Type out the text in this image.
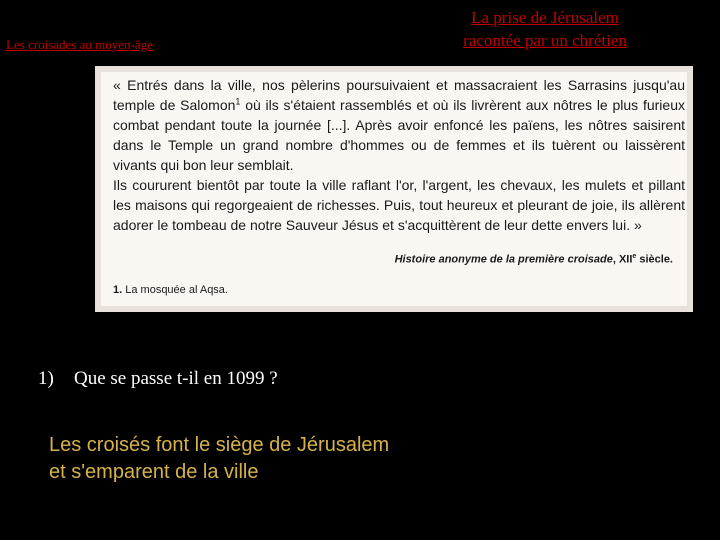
Les croisades au moyen-âge
La prise de Jérusalem
racontée par un chrétien

« Entrés dans la ville, nos pèlerins poursuivaient et massacraient les Sarrasins jusqu'au temple de Salomon$^1$ où ils s'étaient rassemblés et où ils livrèrent aux nôtres le plus furieux combat pendant toute la journée [...]. Après avoir enfoncé les païens, les nôtres saisirent dans le Temple un grand nombre d'hommes ou de femmes et ils tuèrent ou laissèrent vivants qui bon leur semblait.

Ils coururent bientôt par toute la ville raflant l'or, l'argent, les chevaux, les mulets et pillant les maisons qui regorgeaient de richesses. Puis, tout heureux et pleurant de joie, ils allèrent adorer le tombeau de notre Sauveur Jésus et s'acquittèrent de leur dette envers lui. »

Histoire anonyme de la première croisade, XIIe siècle.
1. La mosquée al Aqsa.
1) Que se passe t-il en 1099 ?
Les croisés font le siège de Jérusalem
et s'emparent de la ville
